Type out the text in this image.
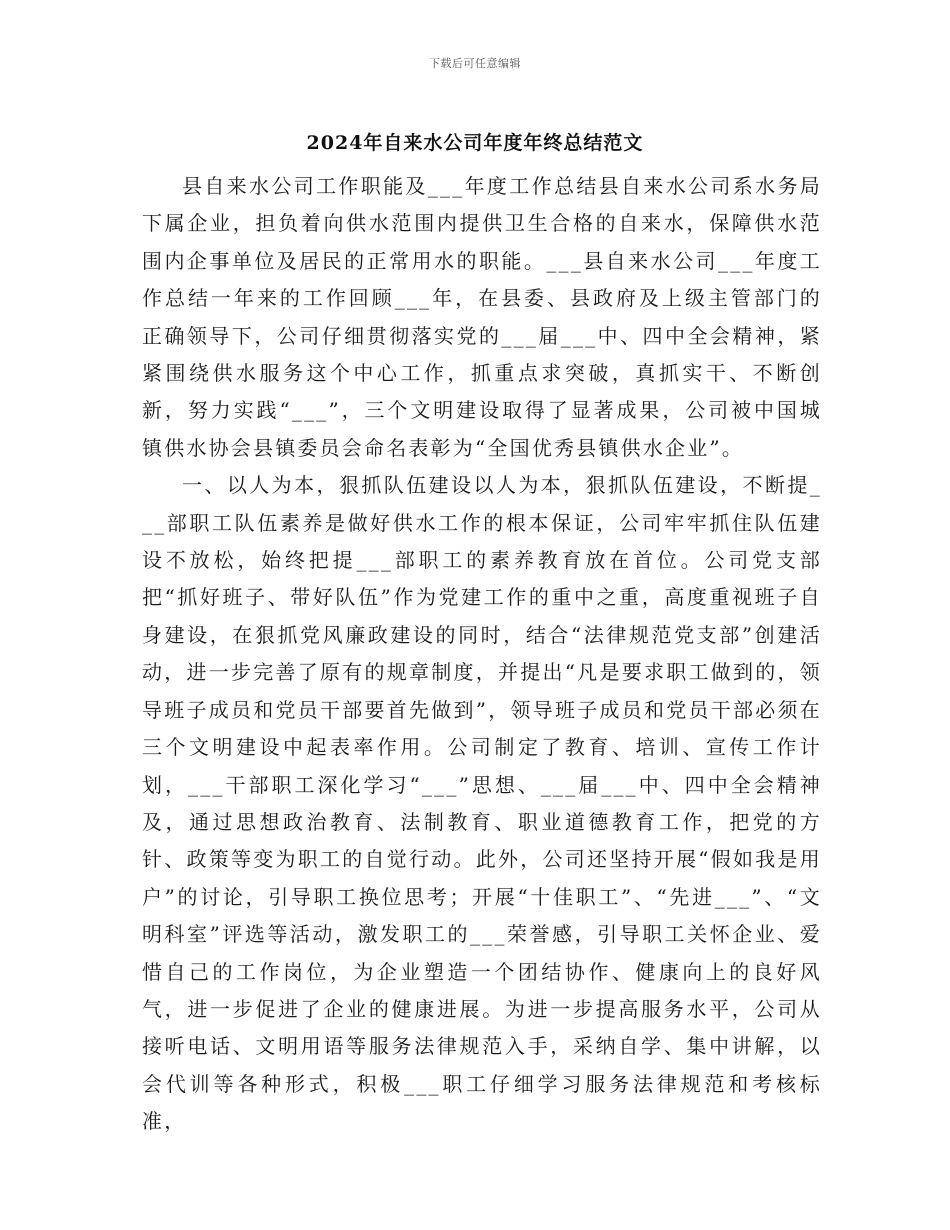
下载后可任意编辑
2024年自来水公司年度年终总结范文

县自来水公司工作职能及___年度工作总结县自来水公司系水务局下属企业，担负着向供水范围内提供卫生合格的自来水，保障供水范围内企事单位及居民的正常用水的职能。___县自来水公司___年度工作总结一年来的工作回顾___年，在县委、县政府及上级主管部门的正确领导下，公司仔细贯彻落实党的___届___中、四中全会精神，紧紧围绕供水服务这个中心工作，抓重点求突破，真抓实干、不断创新，努力实践“___”，三个文明建设取得了显著成果，公司被中国城镇供水协会县镇委员会命名表彰为“全国优秀县镇供水企业”。

一、以人为本，狠抓队伍建设以人为本，狠抓队伍建设，不断提___部职工队伍素养是做好供水工作的根本保证，公司牢牢抓住队伍建设不放松，始终把提___部职工的素养教育放在首位。公司党支部把“抓好班子、带好队伍”作为党建工作的重中之重，高度重视班子自身建设，在狠抓党风廉政建设的同时，结合“法律规范党支部”创建活动，进一步完善了原有的规章制度，并提出“凡是要求职工做到的，领导班子成员和党员干部要首先做到”，领导班子成员和党员干部必须在三个文明建设中起表率作用。公司制定了教育、培训、宣传工作计划，___干部职工深化学习“___”思想、___届___中、四中全会精神及，通过思想政治教育、法制教育、职业道德教育工作，把党的方针、政策等变为职工的自觉行动。此外，公司还坚持开展“假如我是用户”的讨论，引导职工换位思考；开展“十佳职工”、“先进___”、“文明科室”评选等活动，激发职工的___荣誉感，引导职工关怀企业、爱惜自己的工作岗位，为企业塑造一个团结协作、健康向上的良好风气，进一步促进了企业的健康进展。为进一步提高服务水平，公司从接听电话、文明用语等服务法律规范入手，采纳自学、集中讲解，以会代训等各种形式，积极___职工仔细学习服务法律规范和考核标准，
